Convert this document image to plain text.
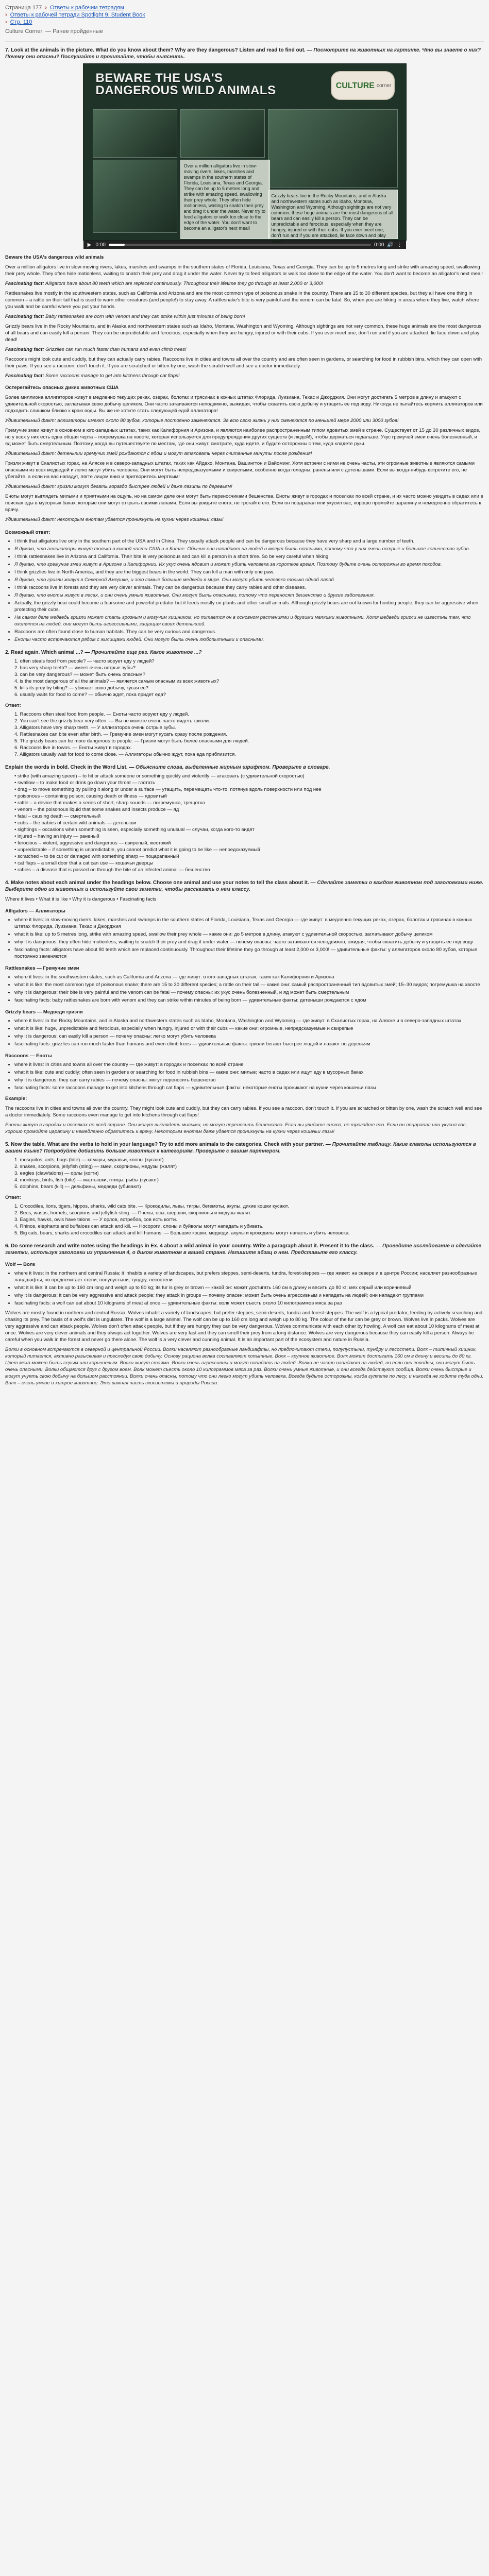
Страница 177 › Ответы к рабочим тетрадям
› Ответы к рабочей тетради Spotlight 9. Student Book
› Стр. 110
Culture Corner — Ранее пройденные
7. Look at the animals in the picture. What do you know about them? Why are they dangerous? Listen and read to find out. — Посмотрите на животных на картинке. Что вы знаете о них? Почему они опасны? Послушайте и прочитайте, чтобы выяснить.
BEWARE THE USA'S
DANGEROUS WILD ANIMALS	CULTURE corner
Over a million alligators live in slow-moving rivers, lakes, marshes and swamps in the southern states of Florida, Louisiana, Texas and Georgia. They can be up to 5 metres long and strike with amazing speed, swallowing their prey whole. They often hide motionless, waiting to snatch their prey and drag it under the water. Never try to feed alligators or walk too close to the edge of the water. You don't want to become an alligator's next meal!
Grizzly bears live in the Rocky Mountains, and in Alaska and northwestern states such as Idaho, Montana, Washington and Wyoming. Although sightings are not very common, these huge animals are the most dangerous of all bears and can easily kill a person. They can be unpredictable and ferocious, especially when they are hungry, injured or with their cubs. If you ever meet one, don't run and if you are attacked, lie face down and play dead!
▶ 0:00	0:00 🔊 ⋮
Beware the USA's dangerous wild animals
Over a million alligators live in slow-moving rivers, lakes, marshes and swamps in the southern states of Florida, Louisiana, Texas and Georgia. They can be up to 5 metres long and strike with amazing speed, swallowing their prey whole. They often hide motionless, waiting to snatch their prey and drag it under the water. Never try to feed alligators or walk too close to the edge of the water. You don't want to become an alligator's next meal!
Fascinating fact: Alligators have about 80 teeth which are replaced continuously. Throughout their lifetime they go through at least 2,000 or 3,000!
Rattlesnakes live mostly in the southwestern states, such as California and Arizona and are the most common type of poisonous snake in the country. There are 15 to 30 different species, but they all have one thing in common – a rattle on their tail that is used to warn other creatures (and people!) to stay away. A rattlesnake's bite is very painful and the venom can be fatal. So, when you are hiking in areas where they live, watch where you walk and be careful where you put your hands.
Fascinating fact: Baby rattlesnakes are born with venom and they can strike within just minutes of being born!
Grizzly bears live in the Rocky Mountains, and in Alaska and northwestern states such as Idaho, Montana, Washington and Wyoming. Although sightings are not very common, these huge animals are the most dangerous of all bears and can easily kill a person. They can be unpredictable and ferocious, especially when they are hungry, injured or with their cubs. If you ever meet one, don't run and if you are attacked, lie face down and play dead!
Fascinating fact: Grizzlies can run much faster than humans and even climb trees!
Raccoons might look cute and cuddly, but they can actually carry rabies. Raccoons live in cities and towns all over the country and are often seen in gardens, or searching for food in rubbish bins, which they can open with their paws. If you see a raccoon, don't touch it. If you are scratched or bitten by one, wash the scratch well and see a doctor immediately.
Fascinating fact: Some raccoons manage to get into kitchens through cat flaps!
Остерегайтесь опасных диких животных США
Более миллиона аллигаторов живут в медленно текущих реках, озерах, болотах и трясинах в южных штатах Флорида, Луизиана, Техас и Джорджия. Они могут достигать 5 метров в длину и атакуют с удивительной скоростью, заглатывая свою добычу целиком. Они часто затаиваются неподвижно, выжидая, чтобы схватить свою добычу и утащить ее под воду. Никогда не пытайтесь кормить аллигаторов или подходить слишком близко к краю воды. Вы же не хотите стать следующей едой аллигатора!
Удивительный факт: аллигаторы имеют около 80 зубов, которые постоянно заменяются. За всю свою жизнь у них сменяются по меньшей мере 2000 или 3000 зубов!
Гремучие змеи живут в основном в юго-западных штатах, таких как Калифорния и Аризона, и являются наиболее распространенным типом ядовитых змей в стране. Существует от 15 до 30 различных видов, но у всех у них есть одна общая черта – погремушка на хвосте, которая используется для предупреждения других существ (и людей!), чтобы держаться подальше. Укус гремучей змеи очень болезненный, и яд может быть смертельным. Поэтому, когда вы путешествуете по местам, где они живут, смотрите, куда идете, и будьте осторожны с тем, куда кладете руки.
Удивительный факт: детеныши гремучих змей рождаются с ядом и могут атаковать через считанные минуты после рождения!
Гризли живут в Скалистых горах, на Аляске и в северо-западных штатах, таких как Айдахо, Монтана, Вашингтон и Вайоминг. Хотя встречи с ними не очень часты, эти огромные животные являются самыми опасными из всех медведей и легко могут убить человека. Они могут быть непредсказуемыми и свирепыми, особенно когда голодны, ранены или с детенышами. Если вы когда-нибудь встретите его, не убегайте, а если на вас нападут, лягте лицом вниз и притворитесь мертвым!
Удивительный факт: гризли могут бегать гораздо быстрее людей и даже лазить по деревьям!
Еноты могут выглядеть милыми и приятными на ощупь, но на самом деле они могут быть переносчиками бешенства. Еноты живут в городах и поселках по всей стране, и их часто можно увидеть в садах или в поисках еды в мусорных баках, которые они могут открыть своими лапами. Если вы увидите енота, не трогайте его. Если он поцарапал или укусил вас, хорошо промойте царапину и немедленно обратитесь к врачу.
Удивительный факт: некоторым енотам удается проникнуть на кухни через кошачьи лазы!
Возможный ответ:
• I think that alligators live only in the southern part of the USA and in China. They usually attack people and can be dangerous because they have very sharp and a large number of teeth.
• Я думаю, что аллигаторы живут только в южной части США и в Китае. Обычно они нападают на людей и могут быть опасными, потому что у них очень острые и большое количество зубов.
• I think rattlesnakes live in Arizona and California. Their bite is very poisonous and can kill a person in a short time. So be very careful when hiking.
• Я думаю, что гремучие змеи живут в Аризоне и Калифорнии. Их укус очень ядовит и может убить человека за короткое время. Поэтому будьте очень осторожны во время походов.
• I think grizzlies live in North America, and they are the biggest bears in the world. They can kill a man with only one paw.
• Я думаю, что гризли живут в Северной Америке, и это самые большие медведи в мире. Они могут убить человека только одной лапой.
• I think raccoons live in forests and they are very clever animals. They can be dangerous because they carry rabies and other diseases.
• Я думаю, что еноты живут в лесах, и они очень умные животные. Они могут быть опасными, потому что переносят бешенство и другие заболевания.
• Actually, the grizzly bear could become a fearsome and powerful predator but it feeds mostly on plants and other small animals. Although grizzly bears are not known for hunting people, they can be aggressive when protecting their cubs.
• На самом деле медведь гризли может стать грозным и могучим хищником, но питается он в основном растениями и другими мелкими животными. Хотя медведи гризли не известны тем, что охотятся на людей, они могут быть агрессивными, защищая своих детенышей.
• Raccoons are often found close to human habitats. They can be very curious and dangerous.
• Еноты часто встречаются рядом с жилищами людей. Они могут быть очень любопытными и опасными.
2. Read again. Which animal ...? — Прочитайте еще раз. Какое животное ...?
1. often steals food from people? — часто ворует еду у людей?
2. has very sharp teeth? — имеет очень острые зубы?
3. can be very dangerous? — может быть очень опасным?
4. is the most dangerous of all the animals? — является самым опасным из всех животных?
5. kills its prey by biting? — убивает свою добычу, кусая ее?
6. usually waits for food to come? — обычно ждет, пока придет еда?
Ответ:
1. Raccoons often steal food from people. — Еноты часто воруют еду у людей.
2. You can't see the grizzly bear very often. — Вы не можете очень часто видеть гризли.
3. Alligators have very sharp teeth. — У аллигаторов очень острые зубы.
4. Rattlesnakes can bite even after birth. — Гремучие змеи могут кусать сразу после рождения.
5. The grizzly bears can be more dangerous to people. — Гризли могут быть более опасными для людей.
6. Raccoons live in towns. — Еноты живут в городах.
7. Alligators usually wait for food to come close. — Аллигаторы обычно ждут, пока еда приблизится.
Explain the words in bold. Check in the Word List. — Объясните слова, выделенные жирным шрифтом. Проверьте в словаре.
• strike (with amazing speed) – to hit or attack someone or something quickly and violently — атаковать (с удивительной скоростью)
• swallow – to make food or drink go down your throat — глотать
• drag – to move something by pulling it along or under a surface — утащить, перемещать что-то, потянув вдоль поверхности или под нее
• poisonous – containing poison; causing death or illness — ядовитый
• rattle – a device that makes a series of short, sharp sounds — погремушка, трещотка
• venom – the poisonous liquid that some snakes and insects produce — яд
• fatal – causing death — смертельный
• cubs – the babies of certain wild animals — детеныши
• sightings – occasions when something is seen, especially something unusual — случаи, когда кого-то видят
• injured – having an injury — раненый
• ferocious – violent, aggressive and dangerous — свирепый, жестокий
• unpredictable – if something is unpredictable, you cannot predict what it is going to be like — непредсказуемый
• scratched – to be cut or damaged with something sharp — поцарапанный
• cat flaps – a small door that a cat can use — кошачьи дверцы
• rabies – a disease that is passed on through the bite of an infected animal — бешенство
4. Make notes about each animal under the headings below. Choose one animal and use your notes to tell the class about it. — Сделайте заметки о каждом животном под заголовками ниже. Выберите одно из животных и используйте свои заметки, чтобы рассказать о нем классу.
Where it lives • What it is like • Why it is dangerous • Fascinating facts
Alligators — Аллигаторы
• where it lives: in slow-moving rivers, lakes, marshes and swamps in the southern states of Florida, Louisiana, Texas and Georgia — где живут: в медленно текущих реках, озерах, болотах и трясинах в южных штатах Флорида, Луизиана, Техас и Джорджия
• what it is like: up to 5 metres long, strike with amazing speed, swallow their prey whole — какие они: до 5 метров в длину, атакуют с удивительной скоростью, заглатывают добычу целиком
• why it is dangerous: they often hide motionless, waiting to snatch their prey and drag it under water — почему опасны: часто затаиваются неподвижно, ожидая, чтобы схватить добычу и утащить ее под воду
• fascinating facts: alligators have about 80 teeth which are replaced continuously. Throughout their lifetime they go through at least 2,000 or 3,000! — удивительные факты: у аллигаторов около 80 зубов, которые постоянно заменяются
Rattlesnakes — Гремучие змеи
• where it lives: in the southwestern states, such as California and Arizona — где живут: в юго-западных штатах, таких как Калифорния и Аризона
• what it is like: the most common type of poisonous snake; there are 15 to 30 different species; a rattle on their tail — какие они: самый распространенный тип ядовитых змей; 15–30 видов; погремушка на хвосте
• why it is dangerous: their bite is very painful and the venom can be fatal — почему опасны: их укус очень болезненный, и яд может быть смертельным
• fascinating facts: baby rattlesnakes are born with venom and they can strike within minutes of being born — удивительные факты: детеныши рождаются с ядом
Grizzly bears — Медведи гризли
• where it lives: in the Rocky Mountains, and in Alaska and northwestern states such as Idaho, Montana, Washington and Wyoming — где живут: в Скалистых горах, на Аляске и в северо-западных штатах
• what it is like: huge, unpredictable and ferocious, especially when hungry, injured or with their cubs — какие они: огромные, непредсказуемые и свирепые
• why it is dangerous: can easily kill a person — почему опасны: легко могут убить человека
• fascinating facts: grizzlies can run much faster than humans and even climb trees — удивительные факты: гризли бегают быстрее людей и лазают по деревьям
Raccoons — Еноты
• where it lives: in cities and towns all over the country — где живут: в городах и поселках по всей стране
• what it is like: cute and cuddly; often seen in gardens or searching for food in rubbish bins — какие они: милые; часто в садах или ищут еду в мусорных баках
• why it is dangerous: they can carry rabies — почему опасны: могут переносить бешенство
• fascinating facts: some raccoons manage to get into kitchens through cat flaps — удивительные факты: некоторые еноты проникают на кухни через кошачьи лазы
Example:
The raccoons live in cities and towns all over the country. They might look cute and cuddly, but they can carry rabies. If you see a raccoon, don't touch it. If you are scratched or bitten by one, wash the scratch well and see a doctor immediately. Some raccoons even manage to get into kitchens through cat flaps!
Еноты живут в городах и поселках по всей стране. Они могут выглядеть милыми, но могут переносить бешенство. Если вы увидите енота, не трогайте его. Если он поцарапал или укусил вас, хорошо промойте царапину и немедленно обратитесь к врачу. Некоторым енотам даже удается проникнуть на кухни через кошачьи лазы!
5. Now the table. What are the verbs to hold in your language? Try to add more animals to the categories. Check with your partner. — Прочитайте таблицу. Какие глаголы используются в вашем языке? Попробуйте добавить больше животных к категориям. Проверьте с вашим партнером.
1. mosquitos, ants, bugs (bite) — комары, муравьи, клопы (кусают)
2. snakes, scorpions, jellyfish (sting) — змеи, скорпионы, медузы (жалят)
3. eagles (claw/talons) — орлы (когти)
4. monkeys, birds, fish (bite) — мартышки, птицы, рыбы (кусают)
5. dolphins, bears (kill) — дельфины, медведи (убивают)
Ответ:
1. Crocodiles, lions, tigers, hippos, sharks, wild cats bite. — Крокодилы, львы, тигры, бегемоты, акулы, дикие кошки кусают.
2. Bees, wasps, hornets, scorpions and jellyfish sting. — Пчелы, осы, шершни, скорпионы и медузы жалят.
3. Eagles, hawks, owls have talons. — У орлов, ястребов, сов есть когти.
4. Rhinos, elephants and buffaloes can attack and kill. — Носороги, слоны и буйволы могут нападать и убивать.
5. Big cats, bears, sharks and crocodiles can attack and kill humans. — Большие кошки, медведи, акулы и крокодилы могут напасть и убить человека.
6. Do some research and write notes using the headings in Ex. 4 about a wild animal in your country. Write a paragraph about it. Present it to the class. — Проведите исследование и сделайте заметки, используя заголовки из упражнения 4, о диком животном в вашей стране. Напишите абзац о нем. Представьте его классу.
Wolf — Волк
• where it lives: in the northern and central Russia; it inhabits a variety of landscapes, but prefers steppes, semi-deserts, tundra, forest-steppes — где живет: на севере и в центре России; населяет разнообразные ландшафты, но предпочитает степи, полупустыни, тундру, лесостепи
• what it is like: it can be up to 160 cm long and weigh up to 80 kg; its fur is grey or brown — какой он: может достигать 160 см в длину и весить до 80 кг; мех серый или коричневый
• why it is dangerous: it can be very aggressive and attack people; they attack in groups — почему опасен: может быть очень агрессивным и нападать на людей; они нападают группами
• fascinating facts: a wolf can eat about 10 kilograms of meat at once — удивительные факты: волк может съесть около 10 килограммов мяса за раз
Wolves are mostly found in northern and central Russia. Wolves inhabit a variety of landscapes, but prefer steppes, semi-deserts, tundra and forest-steppes. The wolf is a typical predator, feeding by actively searching and chasing its prey. The basis of a wolf's diet is ungulates. The wolf is a large animal. The wolf can be up to 160 cm long and weigh up to 80 kg. The colour of the fur can be grey or brown. Wolves live in packs. Wolves are very aggressive and can attack people. Wolves don't often attack people, but if they are hungry they can be very dangerous. Wolves communicate with each other by howling. A wolf can eat about 10 kilograms of meat at once. Wolves are very clever animals and they always act together. Wolves are very fast and they can smell their prey from a long distance. Wolves are very dangerous because they can easily kill a person. Always be careful when you walk in the forest and never go there alone. The wolf is a very clever and cunning animal. It is an important part of the ecosystem and nature in Russia.
Волки в основном встречаются в северной и центральной России. Волки населяют разнообразные ландшафты, но предпочитают степи, полупустыни, тундру и лесостепи. Волк – типичный хищник, который питается, активно разыскивая и преследуя свою добычу. Основу рациона волка составляют копытные. Волк – крупное животное. Волк может достигать 160 см в длину и весить до 80 кг. Цвет меха может быть серым или коричневым. Волки живут стаями. Волки очень агрессивны и могут нападать на людей. Волки не часто нападают на людей, но если они голодны, они могут быть очень опасными. Волки общаются друг с другом воем. Волк может съесть около 10 килограммов мяса за раз. Волки очень умные животные, и они всегда действуют сообща. Волки очень быстрые и могут учуять свою добычу на большом расстоянии. Волки очень опасны, потому что они легко могут убить человека. Всегда будьте осторожны, когда гуляете по лесу, и никогда не ходите туда одни. Волк – очень умное и хитрое животное. Это важная часть экосистемы и природы России.
